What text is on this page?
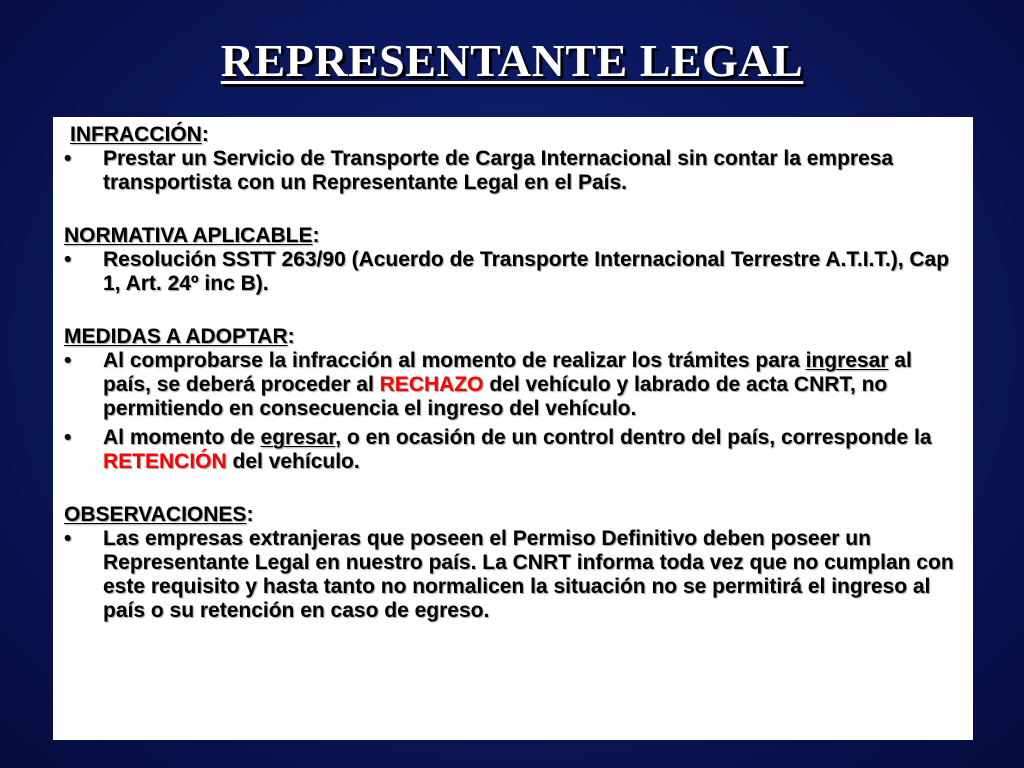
REPRESENTANTE LEGAL

INFRACCIÓN:

• Prestar un Servicio de Transporte de Carga Internacional sin contar la empresa transportista con un Representante Legal en el País.

NORMATIVA APLICABLE:

• Resolución SSTT 263/90 (Acuerdo de Transporte Internacional Terrestre A.T.I.T.), Cap 1, Art. 24º inc B).

MEDIDAS A ADOPTAR:

• Al comprobarse la infracción al momento de realizar los trámites para ingresar al país, se deberá proceder al RECHAZO del vehículo y labrado de acta CNRT, no permitiendo en consecuencia el ingreso del vehículo.
• Al momento de egresar, o en ocasión de un control dentro del país, corresponde la RETENCIÓN del vehículo.

OBSERVACIONES:

• Las empresas extranjeras que poseen el Permiso Definitivo deben poseer un Representante Legal en nuestro país. La CNRT informa toda vez que no cumplan con este requisito y hasta tanto no normalicen la situación no se permitirá el ingreso al país o su retención en caso de egreso.
